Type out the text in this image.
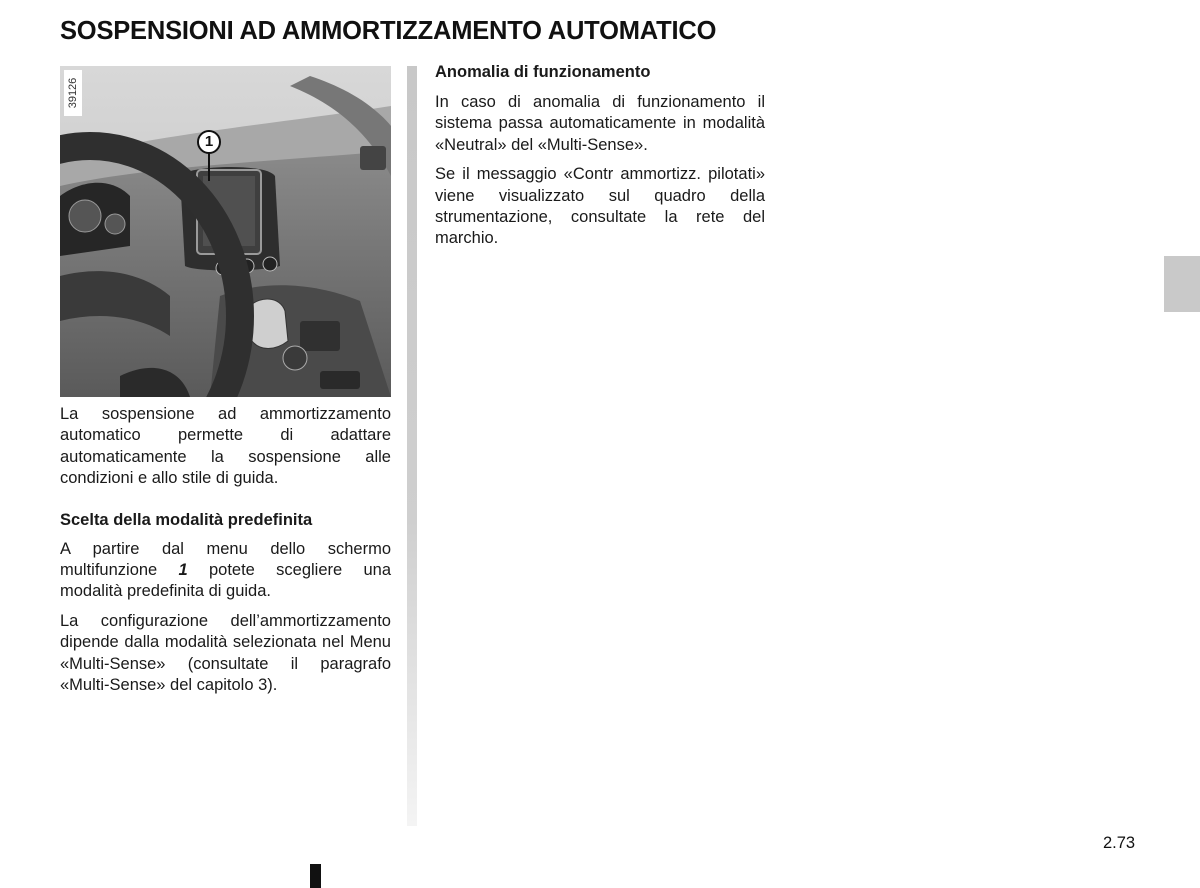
SOSPENSIONI AD AMMORTIZZAMENTO AUTOMATICO
39126
1

La sospensione ad ammortizzamento automatico permette di adattare automaticamente la sospensione alle condizioni e allo stile di guida.

Scelta della modalità predefinita

A partire dal menu dello schermo multifunzione 1 potete scegliere una modalità predefinita di guida.

La configurazione dell’ammortizzamento dipende dalla modalità selezionata nel Menu «Multi-Sense» (consultate il paragrafo «Multi-Sense» del capitolo 3).

Anomalia di funzionamento

In caso di anomalia di funzionamento il sistema passa automaticamente in modalità «Neutral» del «Multi-Sense».

Se il messaggio «Contr ammortizz. pilotati» viene visualizzato sul quadro della strumentazione, consultate la rete del marchio.

2.73
